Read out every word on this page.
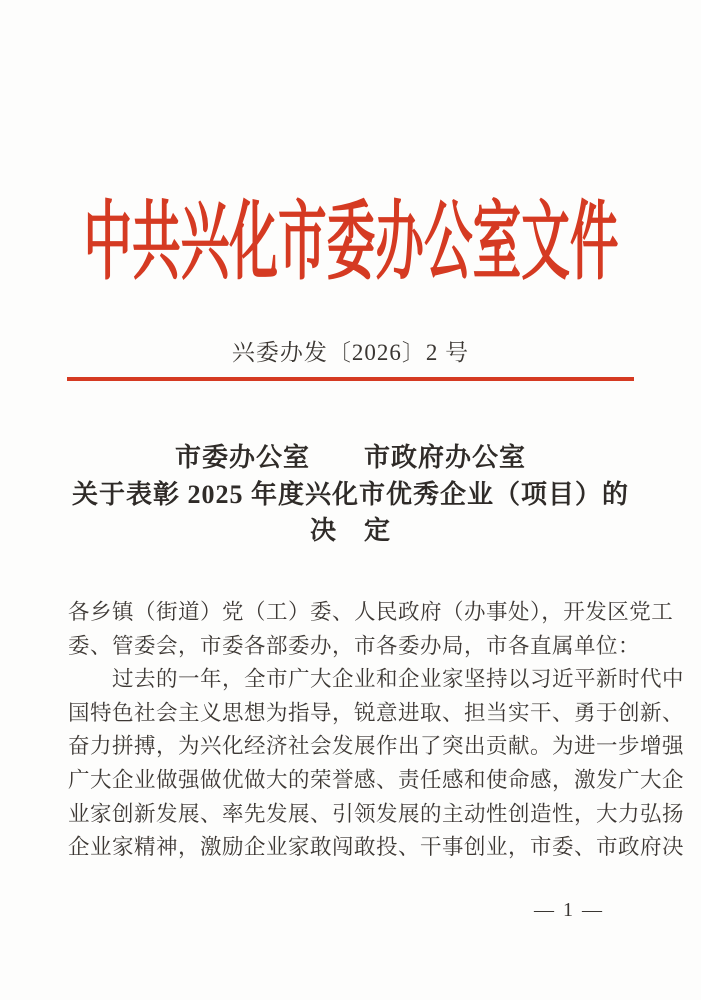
中共兴化市委办公室文件
兴委办发〔2026〕2 号
市委办公室　　市政府办公室
关于表彰 2025 年度兴化市优秀企业（项目）的
决　定
各乡镇（街道）党（工）委、人民政府（办事处），开发区党工
委、管委会，市委各部委办，市各委办局，市各直属单位：
　　过去的一年，全市广大企业和企业家坚持以习近平新时代中
国特色社会主义思想为指导，锐意进取、担当实干、勇于创新、
奋力拼搏，为兴化经济社会发展作出了突出贡献。为进一步增强
广大企业做强做优做大的荣誉感、责任感和使命感，激发广大企
业家创新发展、率先发展、引领发展的主动性创造性，大力弘扬
企业家精神，激励企业家敢闯敢投、干事创业，市委、市政府决
— 1 —
